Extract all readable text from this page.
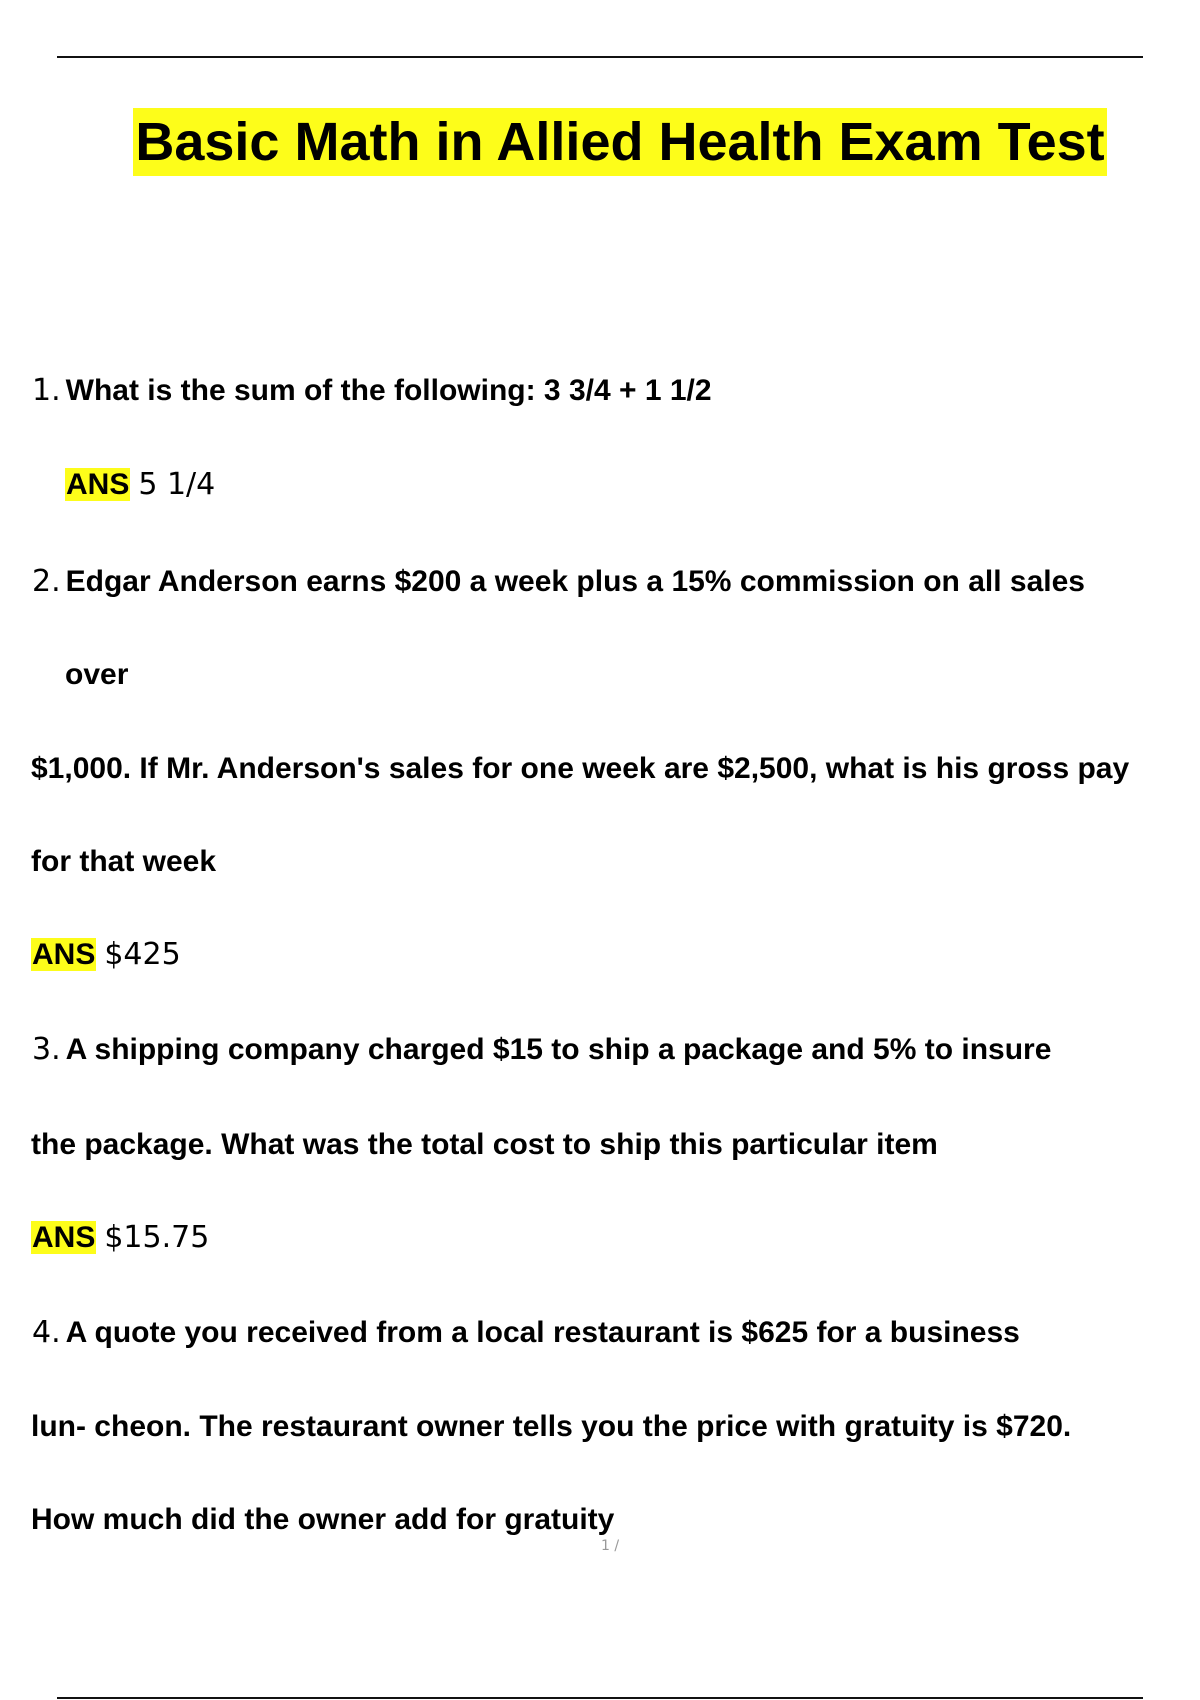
Basic Math in Allied Health Exam Test
1. What is the sum of the following: 3 3/4 + 1 1/2
ANS 5 1/4
2. Edgar Anderson earns $200 a week plus a 15% commission on all sales
over
$1,000. If Mr. Anderson's sales for one week are $2,500, what is his gross pay
for that week
ANS $425
3. A shipping company charged $15 to ship a package and 5% to insure
the package. What was the total cost to ship this particular item
ANS $15.75
4. A quote you received from a local restaurant is $625 for a business
lun- cheon. The restaurant owner tells you the price with gratuity is $720.
How much did the owner add for gratuity
1 /
